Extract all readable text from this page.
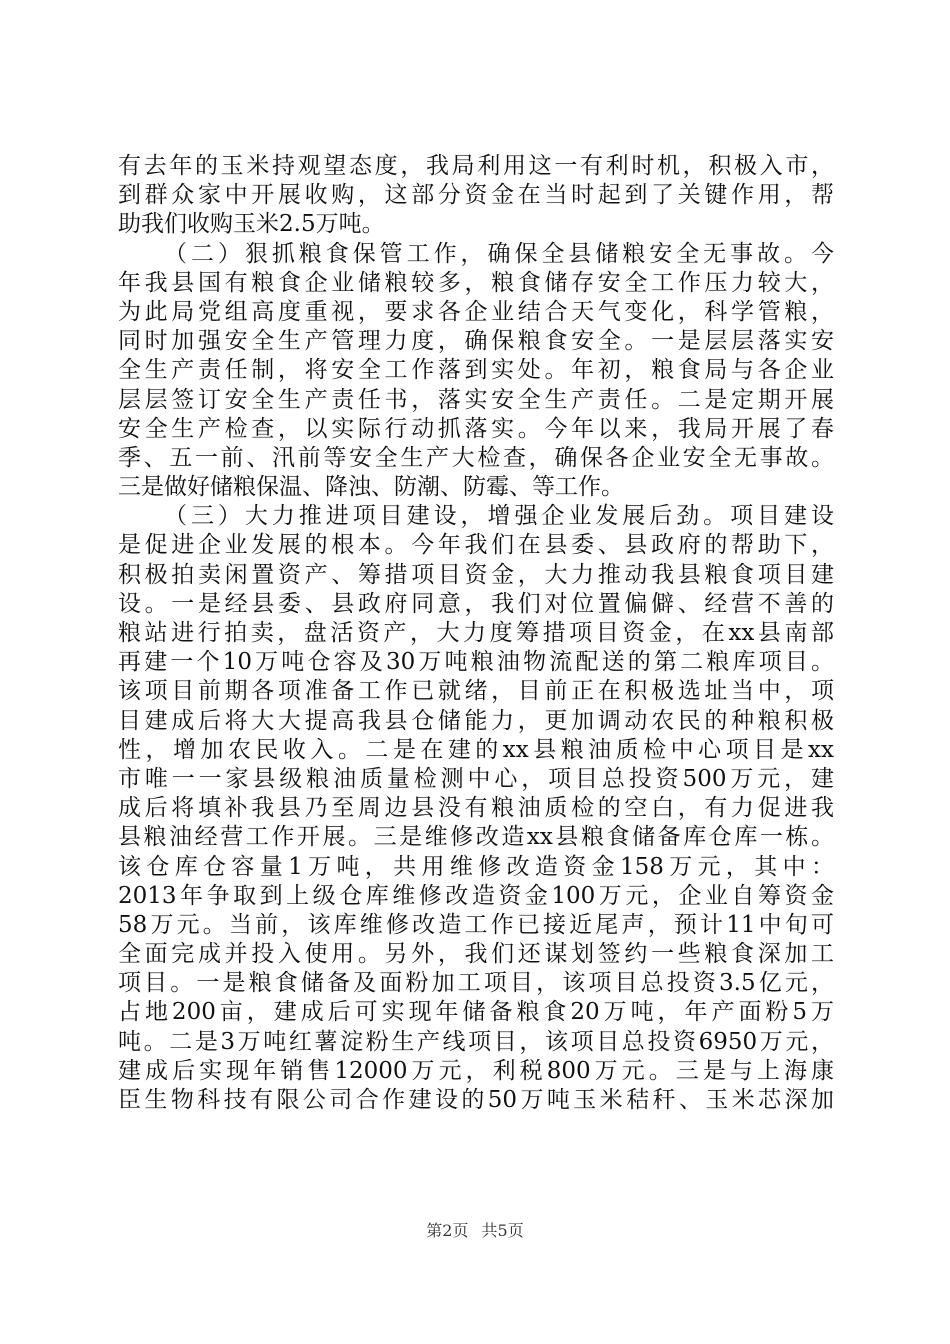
有去年的玉米持观望态度，我局利用这一有利时机，积极入市，
到群众家中开展收购，这部分资金在当时起到了关键作用，帮
助我们收购玉米2.5万吨。
（二）狠抓粮食保管工作，确保全县储粮安全无事故。今
年我县国有粮食企业储粮较多，粮食储存安全工作压力较大，
为此局党组高度重视，要求各企业结合天气变化，科学管粮，
同时加强安全生产管理力度，确保粮食安全。一是层层落实安
全生产责任制，将安全工作落到实处。年初，粮食局与各企业
层层签订安全生产责任书，落实安全生产责任。二是定期开展
安全生产检查，以实际行动抓落实。今年以来，我局开展了春
季、五一前、汛前等安全生产大检查，确保各企业安全无事故。
三是做好储粮保温、降浊、防潮、防霉、等工作。
（三）大力推进项目建设，增强企业发展后劲。项目建设
是促进企业发展的根本。今年我们在县委、县政府的帮助下，
积极拍卖闲置资产、筹措项目资金，大力推动我县粮食项目建
设。一是经县委、县政府同意，我们对位置偏僻、经营不善的
粮站进行拍卖，盘活资产，大力度筹措项目资金，在xx县南部
再建一个10万吨仓容及30万吨粮油物流配送的第二粮库项目。
该项目前期各项准备工作已就绪，目前正在积极选址当中，项
目建成后将大大提高我县仓储能力，更加调动农民的种粮积极
性，增加农民收入。二是在建的xx县粮油质检中心项目是xx
市唯一一家县级粮油质量检测中心，项目总投资500万元，建
成后将填补我县乃至周边县没有粮油质检的空白，有力促进我
县粮油经营工作开展。三是维修改造xx县粮食储备库仓库一栋。
该仓库仓容量1万吨，共用维修改造资金158万元，其中：
2013年争取到上级仓库维修改造资金100万元，企业自筹资金
58万元。当前，该库维修改造工作已接近尾声，预计11中旬可
全面完成并投入使用。另外，我们还谋划签约一些粮食深加工
项目。一是粮食储备及面粉加工项目，该项目总投资3.5亿元，
占地200亩，建成后可实现年储备粮食20万吨，年产面粉5万
吨。二是3万吨红薯淀粉生产线项目，该项目总投资6950万元，
建成后实现年销售12000万元，利税800万元。三是与上海康
臣生物科技有限公司合作建设的50万吨玉米秸秆、玉米芯深加
第2页 共5页
